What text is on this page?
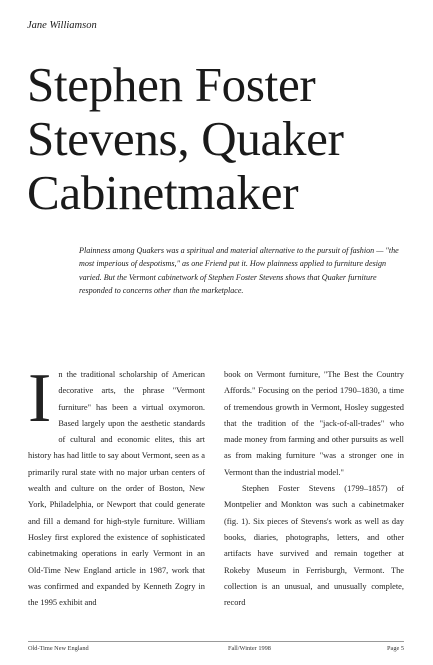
Jane Williamson
Stephen Foster
Stevens, Quaker
Cabinetmaker
Plainness among Quakers was a spiritual and material alternative to the pursuit of fashion — "the most imperious of despotisms," as one Friend put it. How plainness applied to furniture design varied. But the Vermont cabinetwork of Stephen Foster Stevens shows that Quaker furniture responded to concerns other than the marketplace.
I n the traditional scholarship of American decorative arts, the phrase "Vermont furniture" has been a virtual oxymoron. Based largely upon the aesthetic standards of cultural and economic elites, this art history has had little to say about Vermont, seen as a primarily rural state with no major urban centers of wealth and culture on the order of Boston, New York, Philadelphia, or Newport that could generate and fill a demand for high-style furniture. William Hosley first explored the existence of sophisticated cabinetmaking operations in early Vermont in an Old-Time New England article in 1987, work that was confirmed and expanded by Kenneth Zogry in the 1995 exhibit and
book on Vermont furniture, "The Best the Country Affords." Focusing on the period 1790–1830, a time of tremendous growth in Vermont, Hosley suggested that the tradition of the "jack-of-all-trades" who made money from farming and other pursuits as well as from making furniture "was a stronger one in Vermont than the industrial model."
Stephen Foster Stevens (1799–1857) of Montpelier and Monkton was such a cabinetmaker (fig. 1). Six pieces of Stevens's work as well as day books, diaries, photographs, letters, and other artifacts have survived and remain together at Rokeby Museum in Ferrisburgh, Vermont. The collection is an unusual, and unusually complete, record
Old-Time New England	Fall/Winter 1998	Page 5
